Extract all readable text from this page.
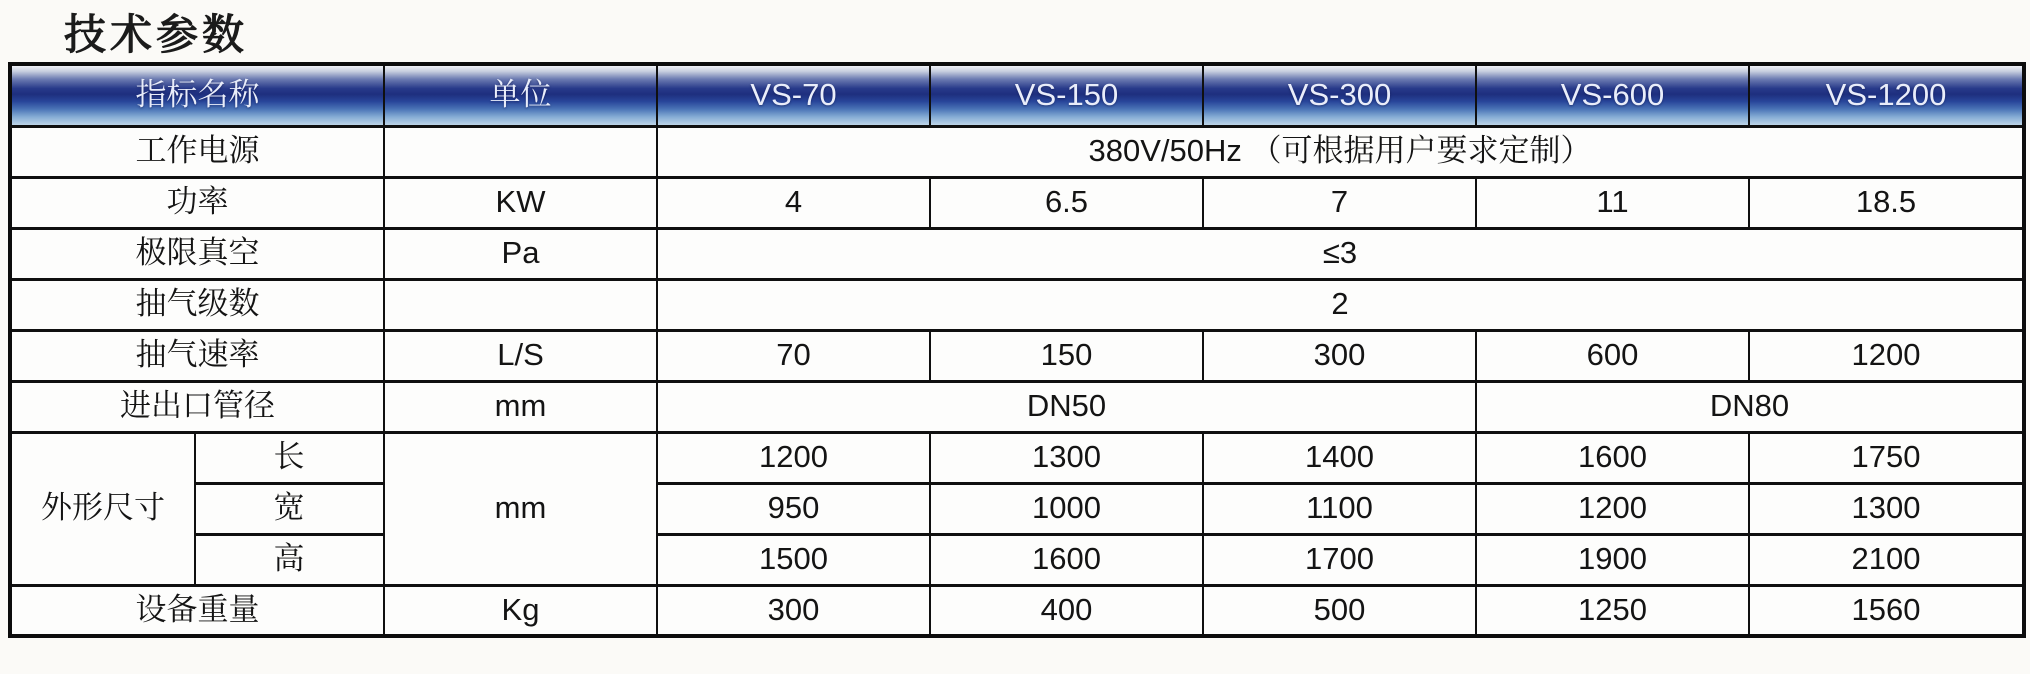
技术参数
指标名称		单位	VS-70	VS-150	VS-300	VS-600	VS-1200
工作电源			380V/50Hz （可根据用户要求定制）				
功率		KW	4	6.5	7	11	18.5
极限真空		Pa	≤3				
抽气级数			2				
抽气速率		L/S	70	150	300	600	1200
进出口管径		mm	DN50			DN80	
外形尺寸	长	mm	1200	1300	1400	1600	1750
	宽		950	1000	1100	1200	1300
	高		1500	1600	1700	1900	2100
设备重量		Kg	300	400	500	1250	1560
